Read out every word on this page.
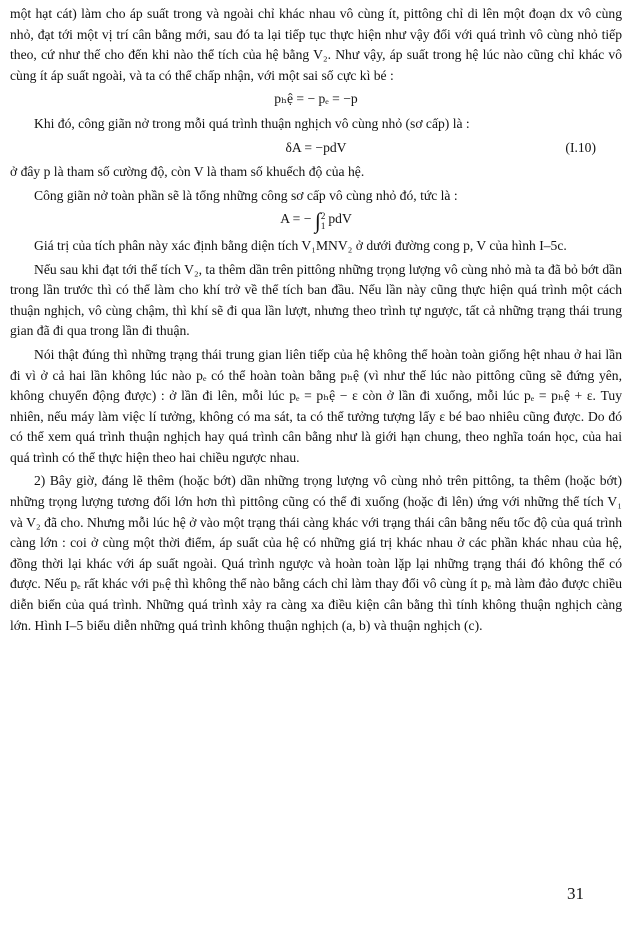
một hạt cát) làm cho áp suất trong và ngoài chỉ khác nhau vô cùng ít, pittông chỉ di lên một đoạn dx vô cùng nhỏ, đạt tới một vị trí cân bằng mới, sau đó ta lại tiếp tục thực hiện như vậy đối với quá trình vô cùng nhỏ tiếp theo, cứ như thế cho đến khi nào thể tích của hệ bằng V₂. Như vậy, áp suất trong hệ lúc nào cũng chỉ khác vô cùng ít áp suất ngoài, và ta có thể chấp nhận, với một sai số cực kì bé :

pₕệ = − pₑ = −p

Khi đó, công giãn nở trong mỗi quá trình thuận nghịch vô cùng nhỏ (sơ cấp) là :

δA = −pdV	(I.10)

ở đây p là tham số cường độ, còn V là tham số khuếch độ của hệ.

Công giãn nở toàn phần sẽ là tổng những công sơ cấp vô cùng nhỏ đó, tức là :

A = − ∫2
1 pdV

Giá trị của tích phân này xác định bằng diện tích V₁MNV₂ ở dưới đường cong p, V của hình I–5c.

Nếu sau khi đạt tới thể tích V₂, ta thêm dần trên pittông những trọng lượng vô cùng nhỏ mà ta đã bỏ bớt dần trong lần trước thì có thể làm cho khí trở về thể tích ban đầu. Nếu lần này cũng thực hiện quá trình một cách thuận nghịch, vô cùng chậm, thì khí sẽ đi qua lần lượt, nhưng theo trình tự ngược, tất cả những trạng thái trung gian đã đi qua trong lần đi thuận.

Nói thật đúng thì những trạng thái trung gian liên tiếp của hệ không thể hoàn toàn giống hệt nhau ở hai lần đi vì ở cả hai lần không lúc nào pₑ có thể hoàn toàn bằng pₕệ (vì như thế lúc nào pittông cũng sẽ đứng yên, không chuyển động được) : ở lần đi lên, mỗi lúc pₑ = pₕệ − ε còn ở lần đi xuống, mỗi lúc pₑ = pₕệ + ε. Tuy nhiên, nếu máy làm việc lí tưởng, không có ma sát, ta có thể tưởng tượng lấy ε bé bao nhiêu cũng được. Do đó có thể xem quá trình thuận nghịch hay quá trình cân bằng như là giới hạn chung, theo nghĩa toán học, của hai quá trình có thể thực hiện theo hai chiều ngược nhau.

2) Bây giờ, đáng lẽ thêm (hoặc bớt) dần những trọng lượng vô cùng nhỏ trên pittông, ta thêm (hoặc bớt) những trọng lượng tương đối lớn hơn thì pittông cũng có thể đi xuống (hoặc đi lên) ứng với những thể tích V₁ và V₂ đã cho. Nhưng mỗi lúc hệ ở vào một trạng thái càng khác với trạng thái cân bằng nếu tốc độ của quá trình càng lớn : coi ở cùng một thời điểm, áp suất của hệ có những giá trị khác nhau ở các phần khác nhau của hệ, đồng thời lại khác với áp suất ngoài. Quá trình ngược và hoàn toàn lặp lại những trạng thái đó không thể có được. Nếu pₑ rất khác với pₕệ thì không thể nào bằng cách chỉ làm thay đổi vô cùng ít pₑ mà làm đảo được chiều diễn biến của quá trình. Những quá trình xảy ra càng xa điều kiện cân bằng thì tính không thuận nghịch càng lớn. Hình I–5 biểu diễn những quá trình không thuận nghịch (a, b) và thuận nghịch (c).

31
